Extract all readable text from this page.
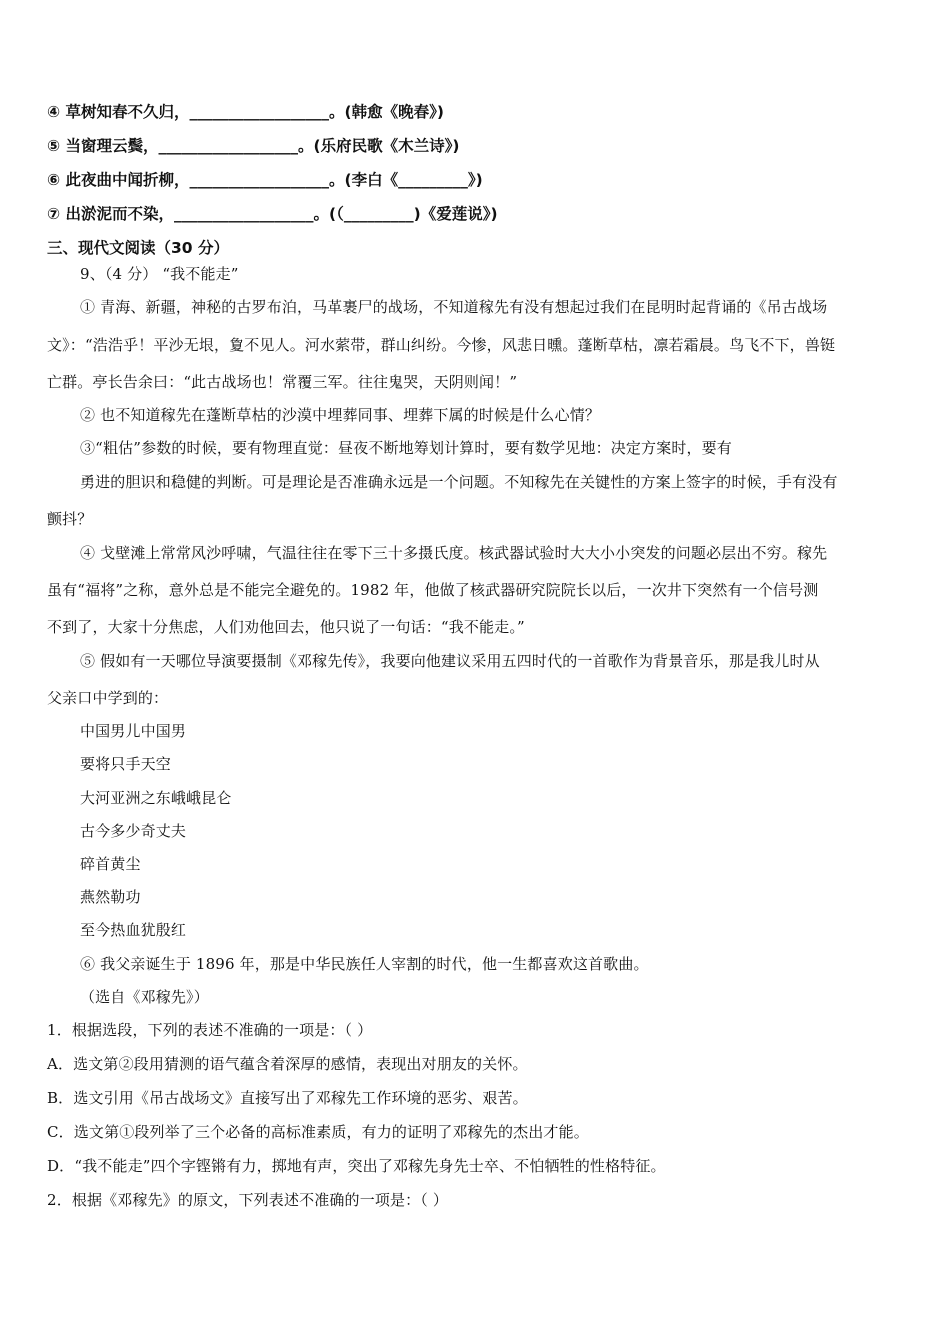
④ 草树知春不久归，__________________。(韩愈《晚春》)
⑤ 当窗理云鬓，__________________。(乐府民歌《木兰诗》)
⑥ 此夜曲中闻折柳，__________________。(李白《_________》)
⑦ 出淤泥而不染，__________________。(（_________)《爱莲说》)
三、现代文阅读（30 分）
9、（4 分） “我不能走”
① 青海、新疆，神秘的古罗布泊，马革裹尸的战场，不知道稼先有没有想起过我们在昆明时起背诵的《吊古战场
文》：“浩浩乎！平沙无垠，夐不见人。河水萦带，群山纠纷。今惨，风悲日曛。蓬断草枯，凛若霜晨。鸟飞不下，兽铤
亡群。亭长告余曰：“此古战场也！常覆三军。往往鬼哭，天阴则闻！”
② 也不知道稼先在蓬断草枯的沙漠中埋葬同事、埋葬下属的时候是什么心情？
③“粗估”参数的时候，要有物理直觉：昼夜不断地筹划计算时，要有数学见地：决定方案时，要有
勇进的胆识和稳健的判断。可是理论是否准确永远是一个问题。不知稼先在关键性的方案上签字的时候，手有没有
颤抖？
④ 戈壁滩上常常风沙呼啸，气温往往在零下三十多摄氏度。核武器试验时大大小小突发的问题必层出不穷。稼先
虽有“福将”之称，意外总是不能完全避免的。1982 年，他做了核武器研究院院长以后，一次井下突然有一个信号测
不到了，大家十分焦虑，人们劝他回去，他只说了一句话：“我不能走。”
⑤ 假如有一天哪位导演要摄制《邓稼先传》，我要向他建议采用五四时代的一首歌作为背景音乐，那是我儿时从
父亲口中学到的：
中国男儿中国男
要将只手天空
大河亚洲之东峨峨昆仑
古今多少奇丈夫
碎首黄尘
燕然勒功
至今热血犹殷红
⑥ 我父亲诞生于 1896 年，那是中华民族任人宰割的时代，他一生都喜欢这首歌曲。
（选自《邓稼先》）
1．根据选段，下列的表述不准确的一项是：（ ）
A．选文第②段用猜测的语气蕴含着深厚的感情，表现出对朋友的关怀。
B．选文引用《吊古战场文》直接写出了邓稼先工作环境的恶劣、艰苦。
C．选文第①段列举了三个必备的高标准素质，有力的证明了邓稼先的杰出才能。
D．“我不能走”四个字铿锵有力，掷地有声，突出了邓稼先身先士卒、不怕牺牲的性格特征。
2．根据《邓稼先》的原文，下列表述不准确的一项是：（ ）
